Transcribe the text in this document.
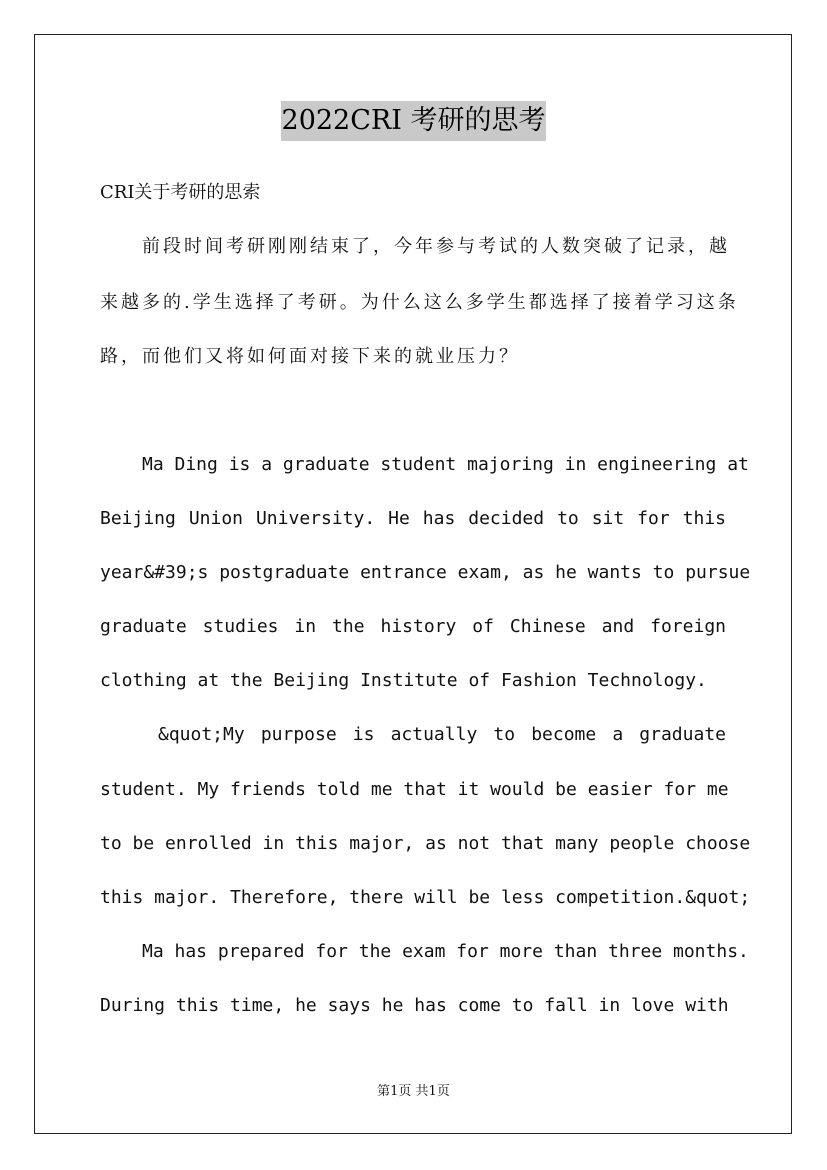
2022CRI 考研的思考
CRI关于考研的思索
前段时间考研刚刚结束了，今年参与考试的人数突破了记录，越
来越多的.学生选择了考研。为什么这么多学生都选择了接着学习这条
路，而他们又将如何面对接下来的就业压力？
Ma Ding is a graduate student majoring in engineering at
Beijing Union University. He has decided to sit for this
year&#39;s postgraduate entrance exam, as he wants to pursue
graduate studies in the history of Chinese and foreign
clothing at the Beijing Institute of Fashion Technology.
&quot;My purpose is actually to become a graduate
student. My friends told me that it would be easier for me
to be enrolled in this major, as not that many people choose
this major. Therefore, there will be less competition.&quot;
Ma has prepared for the exam for more than three months.
During this time, he says he has come to fall in love with
第1页 共1页
